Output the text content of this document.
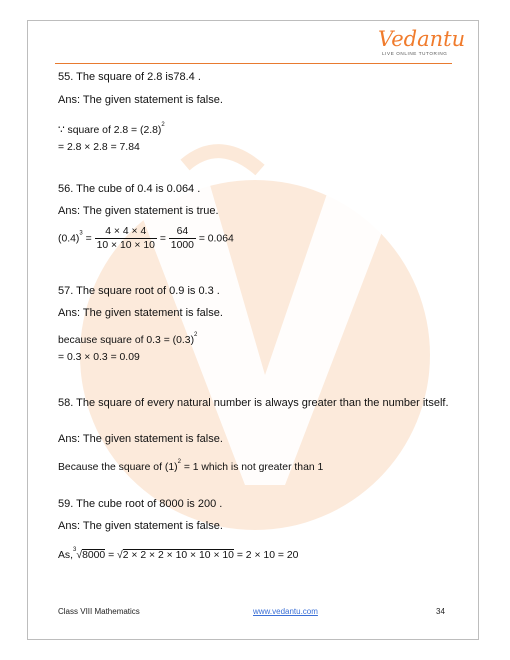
Vedantu
LIVE ONLINE TUTORING
55. The square of 2.8 is78.4 .
Ans: The given statement is false.
∵ square of $2.8 = (2.8)^2$
= 2.8 × 2.8 = 7.84
56. The cube of 0.4 is 0.064 .
Ans: The given statement is true.
$(0.4)^3 = \frac{4 \times 4 \times 4}{10 \times 10 \times 10} = \frac{64}{1000} = 0.064$
57. The square root of 0.9 is 0.3 .
Ans: The given statement is false.
because square of $0.3 = (0.3)^2$
= 0.3 × 0.3 = 0.09
58. The square of every natural number is always greater than the number itself.
Ans: The given statement is false.
Because the square of $(1)^2 = 1$ which is not greater than 1
59. The cube root of 8000 is 200 .
Ans: The given statement is false.
As,$^3$√8000 = √2 × 2 × 2 × 10 × 10 × 10 = 2 × 10 = 20
Class VIII Mathematics	www.vedantu.com	34
